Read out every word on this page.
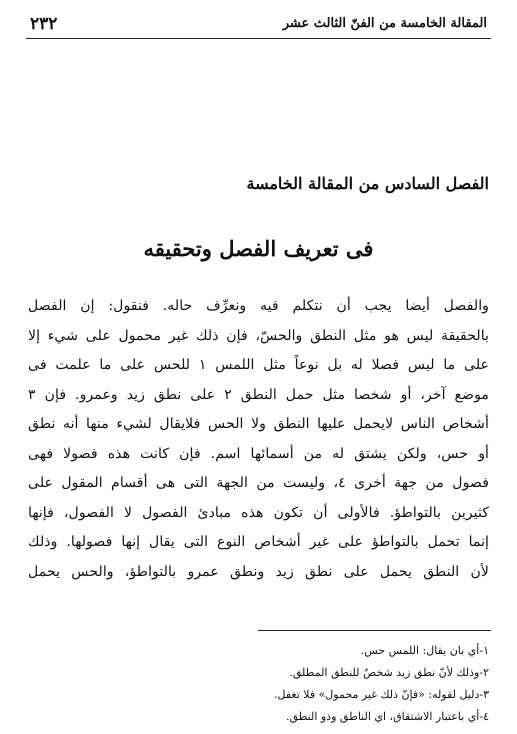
المقالة الخامسة من الفنّ الثالث عشر
٢٣٢
الفصل السادس من المقالة الخامسة
فى تعريف الفصل وتحقيقه
والفصل أيضا يجب أن نتكلم فيه ونعرِّف حاله. فنقول: إن الفصل
بالحقيقة ليس هو مثل النطق والحسّ، فإن ذلك غير محمول على شيء إلا
على ما ليس فصلا له بل نوعاً مثل اللمس ١ للحس على ما علمت فى
موضع آخر، أو شخصا مثل حمل النطق ٢ على نطق زيد وعمرو. فإن ٣
أشخاص الناس لايحمل عليها النطق ولا الحس فلايقال لشيء منها أنه نطق
أو حس، ولكن يشتق له من أسمائها اسم. فإن كانت هذه فصولا فهى
فصول من جهة أخرى ٤، وليست من الجهة التى هى أقسام المقول على
كثيرين بالتواطؤ. فالأولى أن تكون هذه مبادئ الفصول لا الفصول، فإنها
إنما تحمل بالتواطؤ على غير أشخاص النوع التى يقال إنها فصولها. وذلك
لأن النطق يحمل على نطق زيد ونطق عمرو بالتواطؤ، والحس يحمل
١-أي بان يقال: اللمس حس.
٢-وذلك لأنّ نطق زيد شخصٌ للنطق المطلق.
٣-دليل لقوله: «فإنّ ذلك غير محمول» فلا تغفل.
٤-أي باعتبار الاشتقاق، اي الناطق وذو النطق.
